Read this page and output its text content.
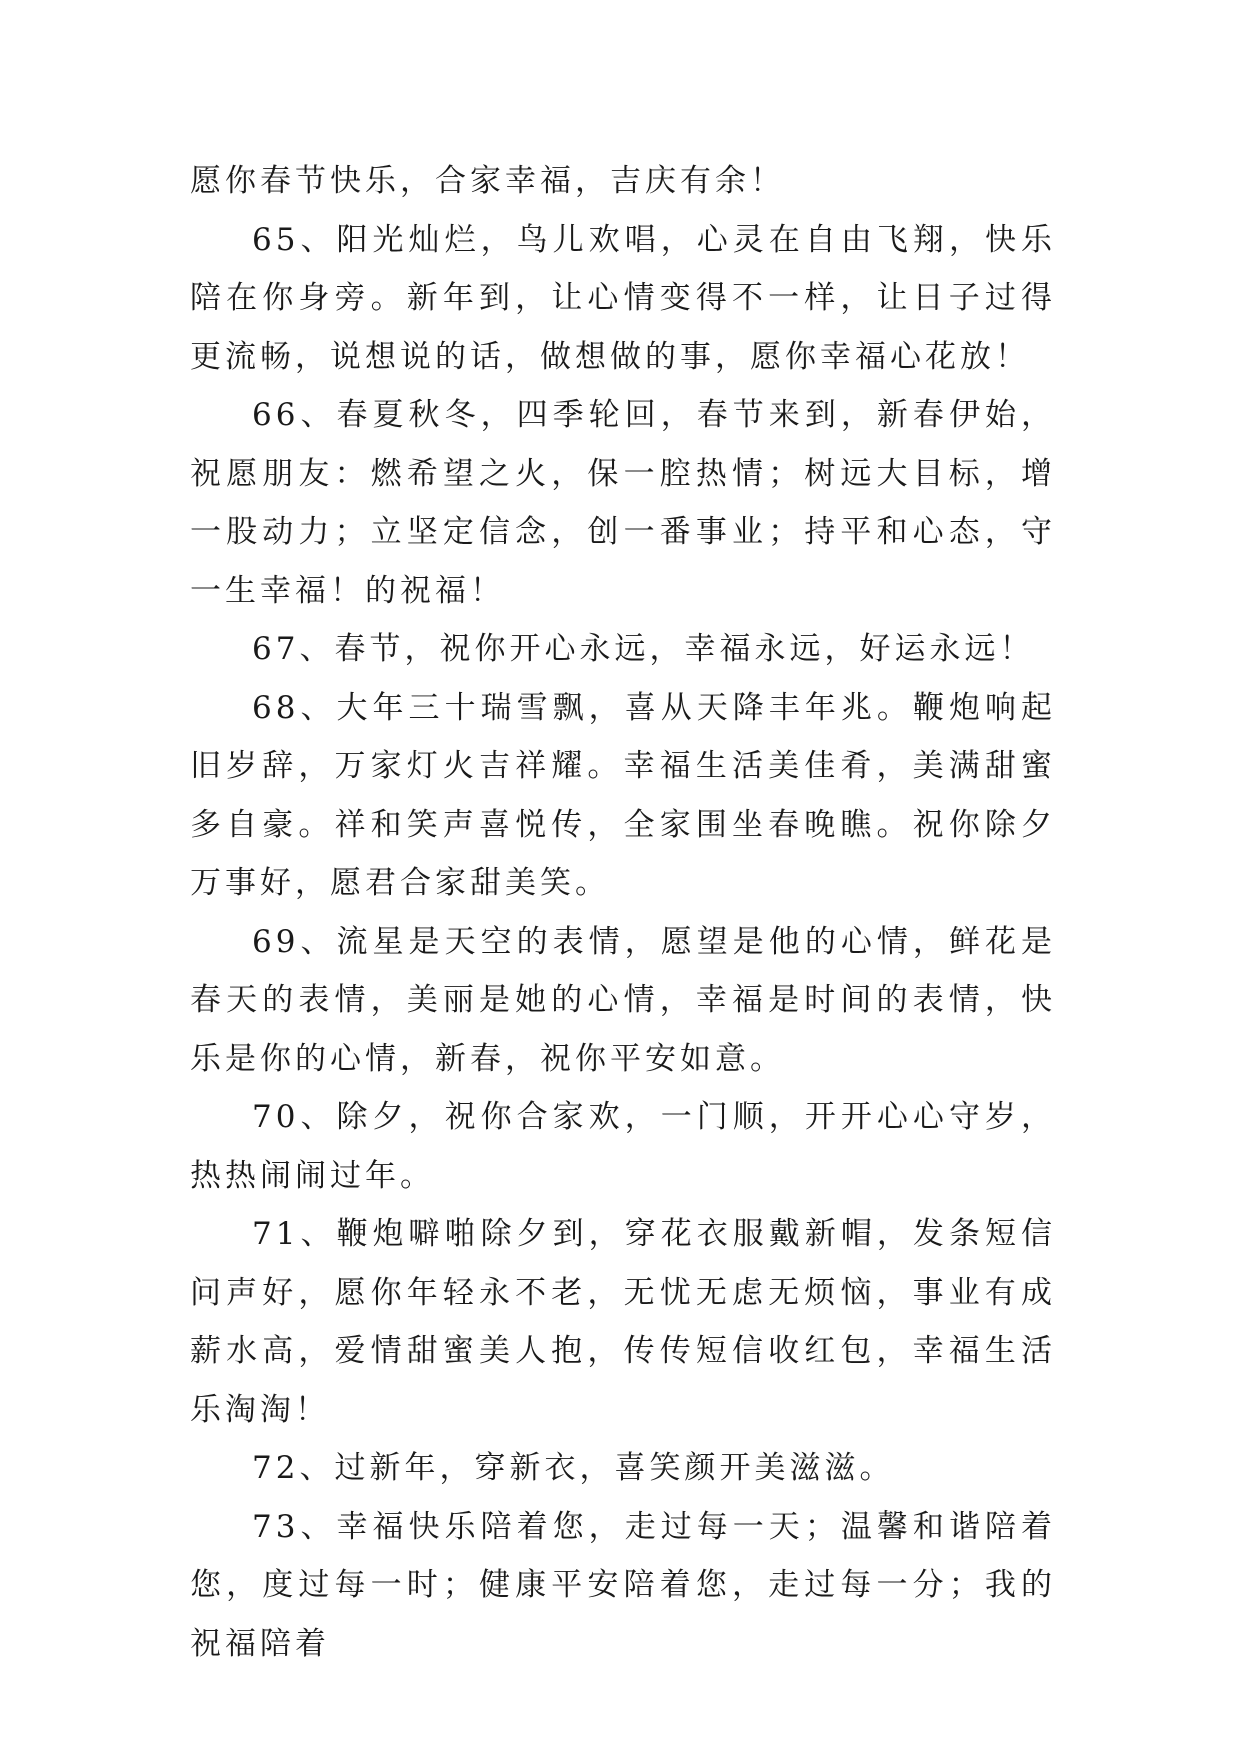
愿你春节快乐，合家幸福，吉庆有余！

65、阳光灿烂，鸟儿欢唱，心灵在自由飞翔，快乐陪在你身旁。新年到，让心情变得不一样，让日子过得更流畅，说想说的话，做想做的事，愿你幸福心花放！

66、春夏秋冬，四季轮回，春节来到，新春伊始，祝愿朋友：燃希望之火，保一腔热情；树远大目标，增一股动力；立坚定信念，创一番事业；持平和心态，守一生幸福！的祝福！

67、春节，祝你开心永远，幸福永远，好运永远！

68、大年三十瑞雪飘，喜从天降丰年兆。鞭炮响起旧岁辞，万家灯火吉祥耀。幸福生活美佳肴，美满甜蜜多自豪。祥和笑声喜悦传，全家围坐春晚瞧。祝你除夕万事好，愿君合家甜美笑。

69、流星是天空的表情，愿望是他的心情，鲜花是春天的表情，美丽是她的心情，幸福是时间的表情，快乐是你的心情，新春，祝你平安如意。

70、除夕，祝你合家欢，一门顺，开开心心守岁，热热闹闹过年。

71、鞭炮噼啪除夕到，穿花衣服戴新帽，发条短信问声好，愿你年轻永不老，无忧无虑无烦恼，事业有成薪水高，爱情甜蜜美人抱，传传短信收红包，幸福生活乐淘淘！

72、过新年，穿新衣，喜笑颜开美滋滋。

73、幸福快乐陪着您，走过每一天；温馨和谐陪着您，度过每一时；健康平安陪着您，走过每一分；我的祝福陪着
